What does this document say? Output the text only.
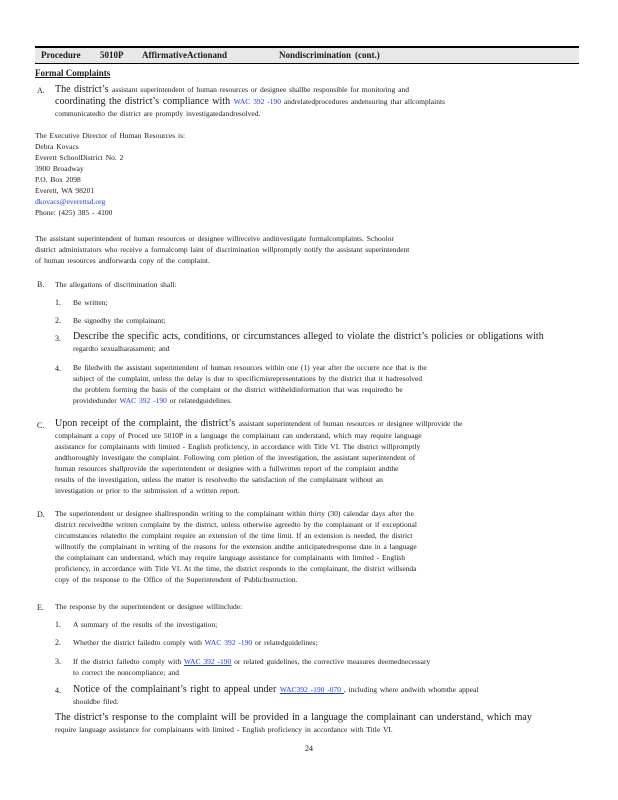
Procedure 5010P AffirmativeActionand	Nondiscrimination (cont.)
Formal Complaints
A. The district’s assistant superintendent of human resources or designee shallbe responsible for monitoring and
coordinating the district’s compliance with WAC 392 -190 andrelatedprocedures andensuring that allcomplaints
communicatedto the district are promptly investigatedandresolved.
The Executive Director of Human Resources is:
Debra Kovacs
Everett SchoolDistrict No. 2
3900 Broadway
P.O. Box 2098
Everett, WA 98201
dkovacs@everettsd.org
Phone: (425) 385 - 4100
The assistant superintendent of human resources or designee willreceive andinvestigate formalcomplaints. Schoolor
district administrators who receive a formalcomp laint of discrimination willpromptly notify the assistant superintendent
of human resources andforwarda copy of the complaint.
B. The allegations of discrimination shall:
1. Be written;
2. Be signedby the complainant;
3. Describe the specific acts, conditions, or circumstances alleged to violate the district’s policies or obligations with
regardto sexualharassment; and
4. Be filedwith the assistant superintendent of human resources within one (1) year after the occurre nce that is the
subject of the complaint, unless the delay is due to specificmisrepresentations by the district that it hadresolved
the problem forming the basis of the complaint or the district withheldinformation that was requiredto be
providedunder WAC 392 -190 or relatedguidelines.
C. Upon receipt of the complaint, the district’s assistant superintendent of human resources or designee willprovide the
complainant a copy of Proced ure 5010P in a language the complainant can understand, which may require language
assistance for complainants with limited - English proficiency, in accordance with Title VI. The district willpromptly
andthoroughly investigate the complaint. Following com pletion of the investigation, the assistant superintendent of
human resources shallprovide the superintendent or designee with a fullwritten report of the complaint andthe
results of the investigation, unless the matter is resolvedto the satisfaction of the complainant without an
investigation or prior to the submission of a written report.
D. The superintendent or designee shallrespondin writing to the complainant within thirty (30) calendar days after the
district receivedthe written complaint by the district, unless otherwise agreedto by the complainant or if exceptional
circumstances relatedto the complaint require an extension of the time limit. If an extension is needed, the district
willnotify the complainant in writing of the reasons for the extension andthe anticipatedresponse date in a language
the complainant can understand, which may require language assistance for complainants with limited - English
proficiency, in accordance with Title VI. At the time, the district responds to the complainant, the district willsenda
copy of the response to the Office of the Superintendent of PublicInstruction.
E. The response by the superintendent or designee willinclude:
1. A summary of the results of the investigation;
2. Whether the district failedto comply with WAC 392 -190 or relatedguidelines;
3. If the district failedto comply with WAC 392 -190 or related guidelines, the corrective measures deemednecessary
to correct the noncompliance; and
4. Notice of the complainant’s right to appeal under WAC392 -190 -070 , including where andwith whomthe appeal
shouldbe filed.
The district’s response to the complaint will be provided in a language the complainant can understand, which may
require language assistance for complainants with limited - English proficiency in accordance with Title VI.
24
